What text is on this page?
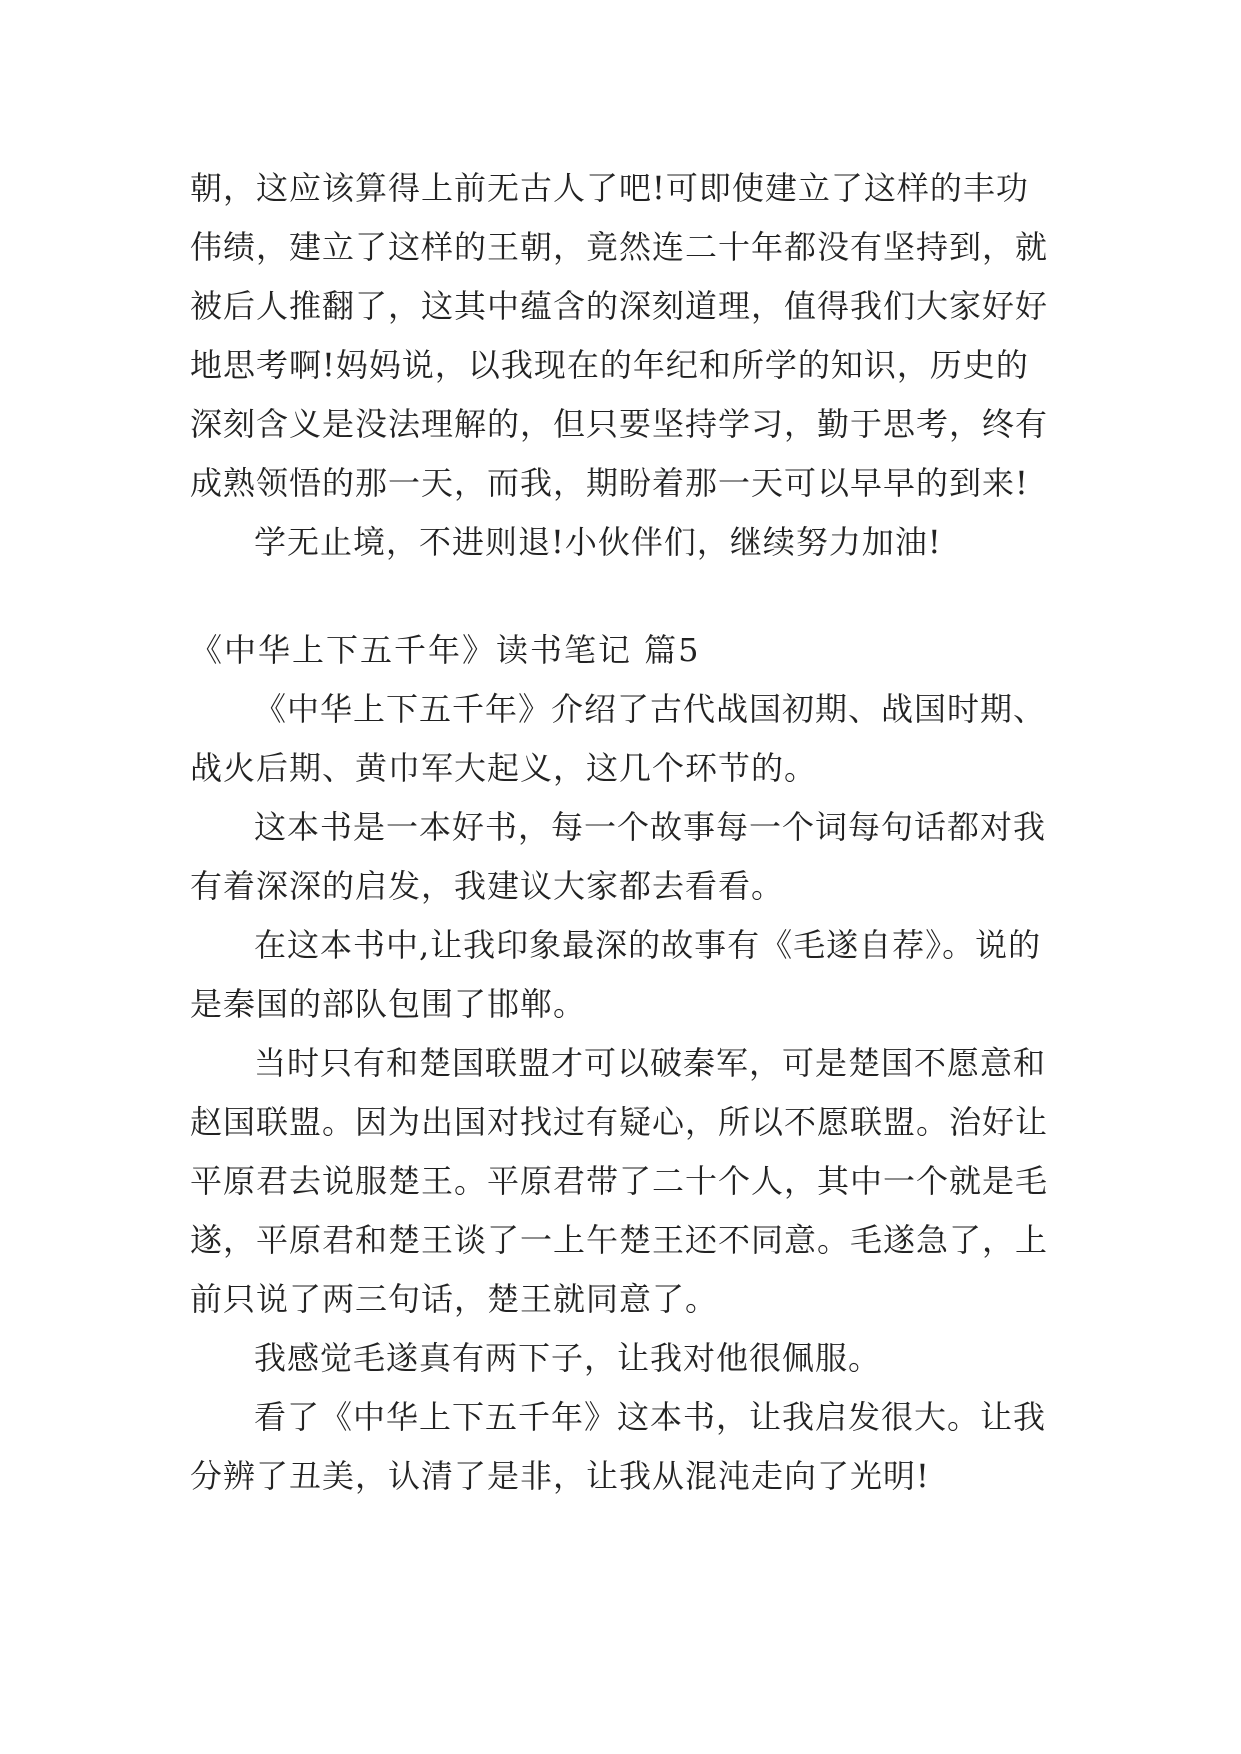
朝，这应该算得上前无古人了吧!可即使建立了这样的丰功

伟绩，建立了这样的王朝，竟然连二十年都没有坚持到，就

被后人推翻了，这其中蕴含的深刻道理，值得我们大家好好

地思考啊!妈妈说，以我现在的年纪和所学的知识，历史的

深刻含义是没法理解的，但只要坚持学习，勤于思考，终有

成熟领悟的那一天，而我，期盼着那一天可以早早的到来!

学无止境，不进则退!小伙伴们，继续努力加油!

《中华上下五千年》读书笔记 篇5

《中华上下五千年》介绍了古代战国初期、战国时期、

战火后期、黄巾军大起义，这几个环节的。

这本书是一本好书，每一个故事每一个词每句话都对我

有着深深的启发，我建议大家都去看看。

在这本书中,让我印象最深的故事有《毛遂自荐》。说的

是秦国的部队包围了邯郸。

当时只有和楚国联盟才可以破秦军，可是楚国不愿意和

赵国联盟。因为出国对找过有疑心，所以不愿联盟。治好让

平原君去说服楚王。平原君带了二十个人，其中一个就是毛

遂，平原君和楚王谈了一上午楚王还不同意。毛遂急了，上

前只说了两三句话，楚王就同意了。

我感觉毛遂真有两下子，让我对他很佩服。

看了《中华上下五千年》这本书，让我启发很大。让我

分辨了丑美，认清了是非，让我从混沌走向了光明!
